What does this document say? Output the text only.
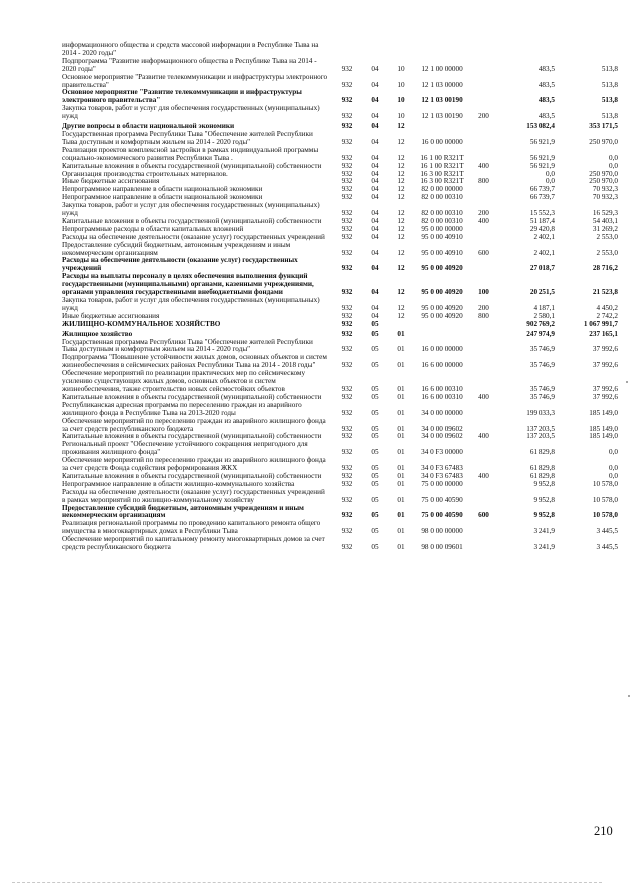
информационного общества и средств массовой информации в Республике Тыва на 2014 - 2020 годы"							
Подпрограмма "Развитие информационного общества в Республике Тыва на 2014 - 2020 годы"	932	04	10	12 1 00 00000		483,5	513,8
Основное мероприятие "Развитие телекоммуникации и инфраструктуры электронного правительства"	932	04	10	12 1 03 00000		483,5	513,8
Основное мероприятие "Развитие телекоммуникации и инфраструктуры электронного правительства"	932	04	10	12 1 03 00190		483,5	513,8
Закупка товаров, работ и услуг для обеспечения государственных (муниципальных) нужд	932	04	10	12 1 03 00190	200	483,5	513,8
Другие вопросы в области национальной экономики	932	04	12			153 082,4	353 171,5
Государственная программа Республики Тыва "Обеспечение жителей Республики Тыва доступным и комфортным жильем на 2014 - 2020 годы"	932	04	12	16 0 00 00000		56 921,9	250 970,0
Реализация проектов комплексной застройки в рамках индивидуальной программы социально-экономического развития Республики Тыва .	932	04	12	16 1 00 R321T		56 921,9	0,0
Капитальные вложения в объекты государственной (муниципальной) собственности	932	04	12	16 1 00 R321T	400	56 921,9	0,0
Организация производства строительных материалов.	932	04	12	16 3 00 R321T		0,0	250 970,0
Иные бюджетные ассигнования	932	04	12	16 3 00 R321T	800	0,0	250 970,0
Непрограммное направление в области национальной экономики	932	04	12	82 0 00 00000		66 739,7	70 932,3
Непрограммное направление в области национальной экономики	932	04	12	82 0 00 00310		66 739,7	70 932,3
Закупка товаров, работ и услуг для обеспечения государственных (муниципальных) нужд	932	04	12	82 0 00 00310	200	15 552,3	16 529,3
Капитальные вложения в объекты государственной (муниципальной) собственности	932	04	12	82 0 00 00310	400	51 187,4	54 403,1
Непрограммные расходы в области капитальных вложений	932	04	12	95 0 00 00000		29 420,8	31 269,2
Расходы на обеспечение деятельности (оказание услуг) государственных учреждений	932	04	12	95 0 00 40910		2 402,1	2 553,0
Предоставление субсидий бюджетным, автономным учреждениям и иным некоммерческим организациям	932	04	12	95 0 00 40910	600	2 402,1	2 553,0
Расходы на обеспечение деятельности (оказание услуг) государственных учреждений	932	04	12	95 0 00 40920		27 018,7	28 716,2
Расходы на выплаты персоналу в целях обеспечения выполнения функций государственными (муниципальными) органами, казенными учреждениями, органами управления государственными внебюджетными фондами	932	04	12	95 0 00 40920	100	20 251,5	21 523,8
Закупка товаров, работ и услуг для обеспечения государственных (муниципальных) нужд	932	04	12	95 0 00 40920	200	4 187,1	4 450,2
Иные бюджетные ассигнования	932	04	12	95 0 00 40920	800	2 580,1	2 742,2
ЖИЛИЩНО-КОММУНАЛЬНОЕ ХОЗЯЙСТВО	932	05				902 769,2	1 067 991,7
Жилищное хозяйство	932	05	01			247 974,9	237 165,1
Государственная программа Республики Тыва "Обеспечение жителей Республики Тыва доступным и комфортным жильем на 2014 - 2020 годы"	932	05	01	16 0 00 00000		35 746,9	37 992,6
Подпрограмма "Повышение устойчивости жилых домов, основных объектов и систем жизнеобеспечения в сейсмических районах Республики Тыва на 2014 - 2018 годы"	932	05	01	16 6 00 00000		35 746,9	37 992,6
Обеспечение мероприятий по реализации практических мер по сейсмическому усилению существующих жилых домов, основных объектов и систем жизнеобеспечения, также строительство новых сейсмостойких объектов	932	05	01	16 6 00 00310		35 746,9	37 992,6
Капитальные вложения в объекты государственной (муниципальной) собственности	932	05	01	16 6 00 00310	400	35 746,9	37 992,6
Республиканская адресная программа по переселению граждан из аварийного жилищного фонда в Республике Тыва на 2013-2020 годы	932	05	01	34 0 00 00000		199 033,3	185 149,0
Обеспечение мероприятий по переселению граждан из аварийного жилищного фонда за счет средств республиканского бюджета	932	05	01	34 0 00 09602		137 203,5	185 149,0
Капитальные вложения в объекты государственной (муниципальной) собственности	932	05	01	34 0 00 09602	400	137 203,5	185 149,0
Региональный проект "Обеспечение устойчивого сокращения непригодного для проживания жилищного фонда"	932	05	01	34 0 F3 00000		61 829,8	0,0
Обеспечение мероприятий по переселению граждан из аварийного жилищного фонда за счет средств Фонда содействия реформирования ЖКХ	932	05	01	34 0 F3 67483		61 829,8	0,0
Капитальные вложения в объекты государственной (муниципальной) собственности	932	05	01	34 0 F3 67483	400	61 829,8	0,0
Непрограммное направление в области жилищно-коммунального хозяйства	932	05	01	75 0 00 00000		9 952,8	10 578,0
Расходы на обеспечение деятельности (оказание услуг) государственных учреждений в рамках мероприятий по жилищно-коммунальному хозяйству	932	05	01	75 0 00 40590		9 952,8	10 578,0
Предоставление субсидий бюджетным, автономным учреждениям и иным некоммерческим организациям	932	05	01	75 0 00 40590	600	9 952,8	10 578,0
Реализация региональной программы по проведению капитального ремонта общего имущества в многоквартирных домах в Республики Тыва	932	05	01	98 0 00 00000		3 241,9	3 445,5
Обеспечение мероприятий по капитальному ремонту многоквартирных домов за счет средств республиканского бюджета	932	05	01	98 0 00 09601		3 241,9	3 445,5
210
